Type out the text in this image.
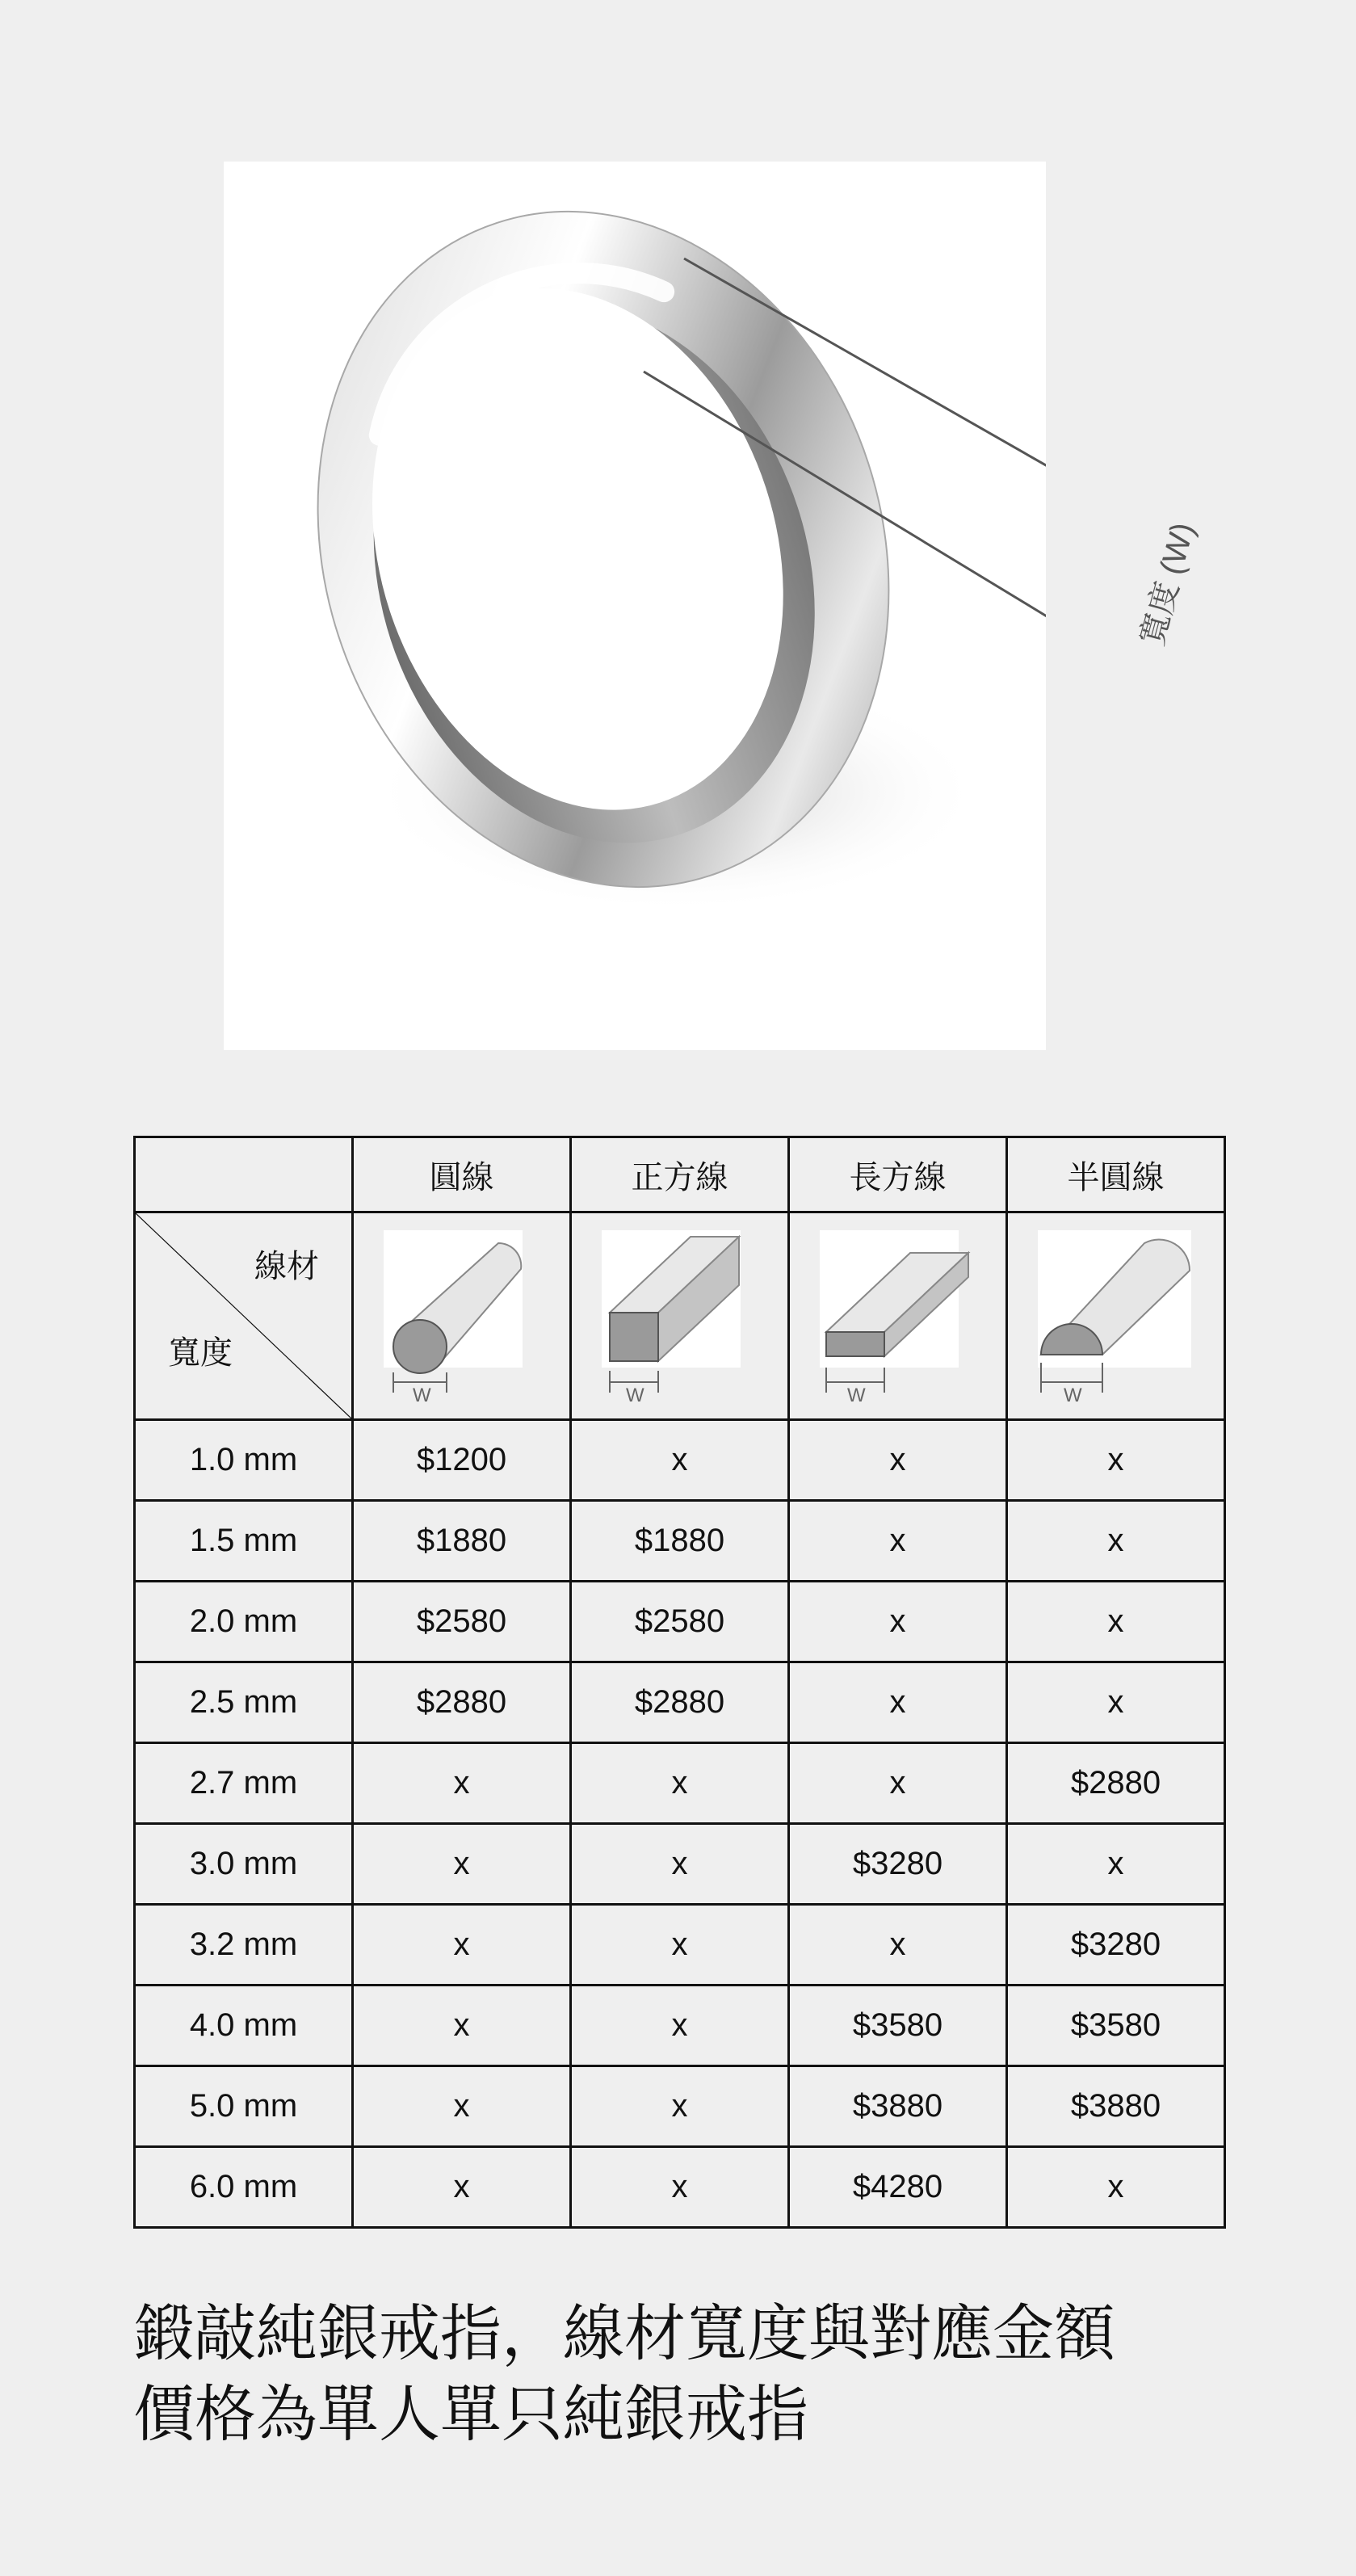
寬度 (W)
	圓線	正方線	長方線	半圓線

線材
寬度	W	W	W	W

1.0 mm	$1200	x	x	x
1.5 mm	$1880	$1880	x	x
2.0 mm	$2580	$2580	x	x
2.5 mm	$2880	$2880	x	x
2.7 mm	x	x	x	$2880
3.0 mm	x	x	$3280	x
3.2 mm	x	x	x	$3280
4.0 mm	x	x	$3580	$3580
5.0 mm	x	x	$3880	$3880
6.0 mm	x	x	$4280	x
鍛敲純銀戒指，線材寬度與對應金額
價格為單人單只純銀戒指
